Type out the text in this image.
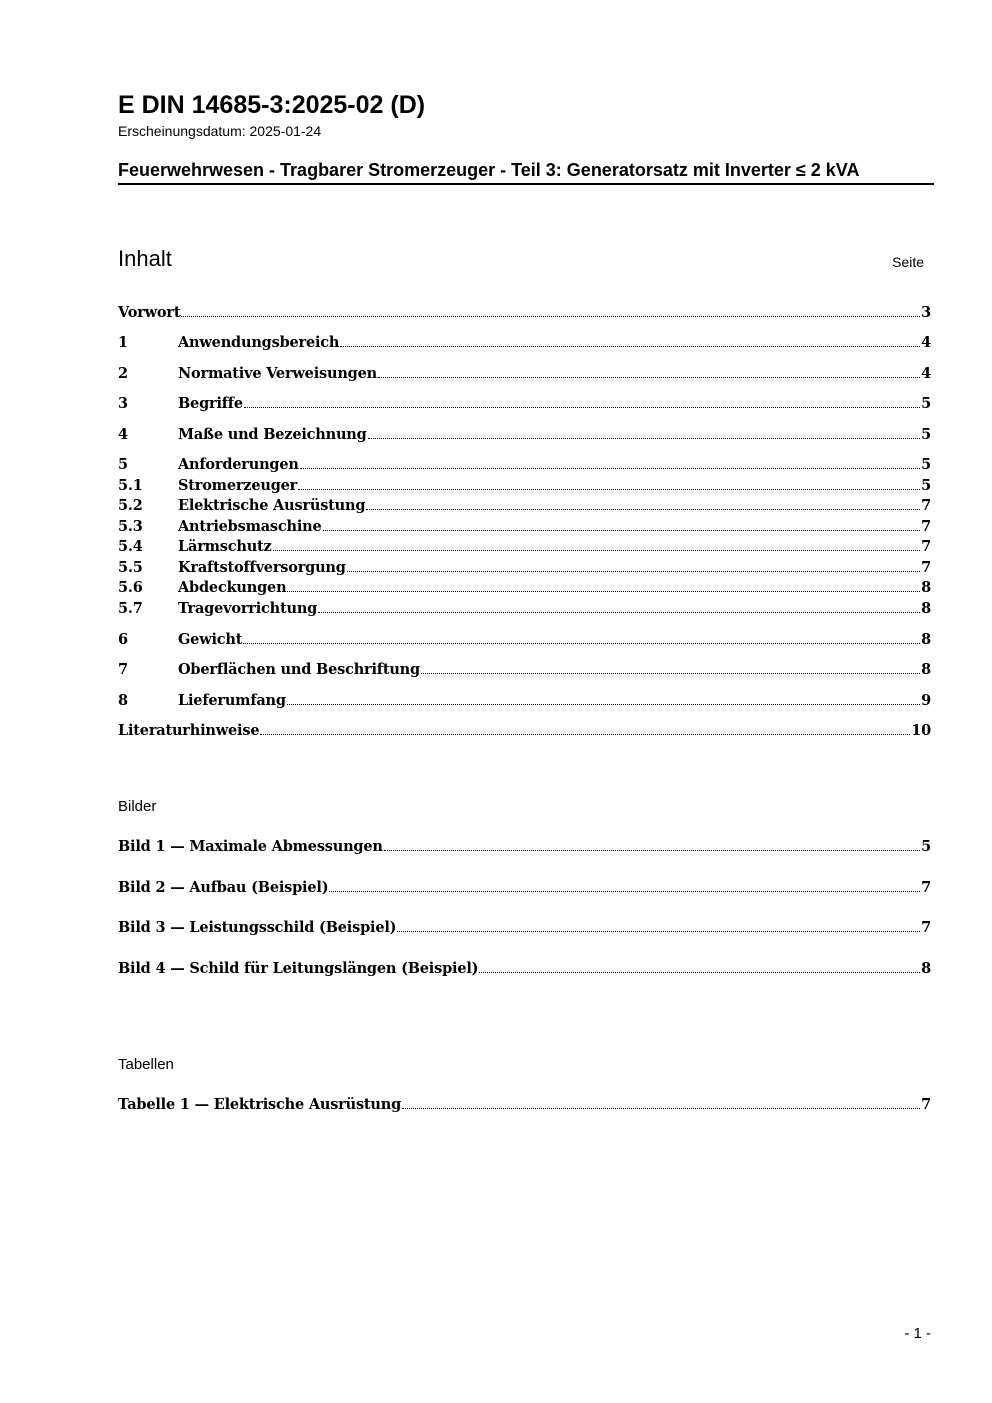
E DIN 14685-3:2025-02 (D)
Erscheinungsdatum: 2025-01-24
Feuerwehrwesen - Tragbarer Stromerzeuger - Teil 3: Generatorsatz mit Inverter ≤ 2 kVA
Inhalt	Seite
Vorwort	3
1	Anwendungsbereich	4
2	Normative Verweisungen	4
3	Begriffe	5
4	Maße und Bezeichnung	5
5	Anforderungen	5
5.1	Stromerzeuger	5
5.2	Elektrische Ausrüstung	7
5.3	Antriebsmaschine	7
5.4	Lärmschutz	7
5.5	Kraftstoffversorgung	7
5.6	Abdeckungen	8
5.7	Tragevorrichtung	8
6	Gewicht	8
7	Oberflächen und Beschriftung	8
8	Lieferumfang	9
Literaturhinweise	10
Bilder
Bild 1 — Maximale Abmessungen	5
Bild 2 — Aufbau (Beispiel)	7
Bild 3 — Leistungsschild (Beispiel)	7
Bild 4 — Schild für Leitungslängen (Beispiel)	8
Tabellen
Tabelle 1 — Elektrische Ausrüstung	7
- 1 -
